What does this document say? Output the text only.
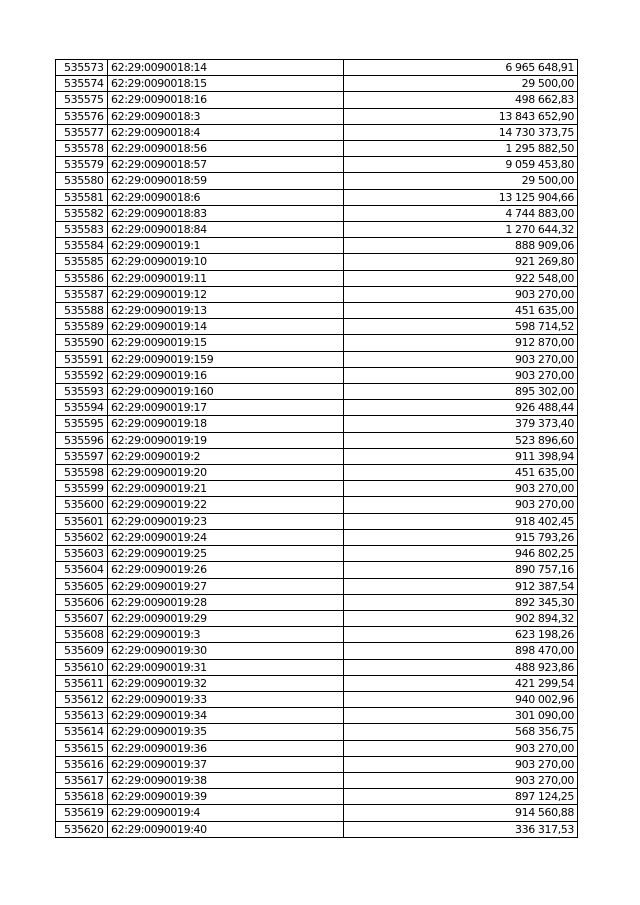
535573	62:29:0090018:14	6 965 648,91
535574	62:29:0090018:15	29 500,00
535575	62:29:0090018:16	498 662,83
535576	62:29:0090018:3	13 843 652,90
535577	62:29:0090018:4	14 730 373,75
535578	62:29:0090018:56	1 295 882,50
535579	62:29:0090018:57	9 059 453,80
535580	62:29:0090018:59	29 500,00
535581	62:29:0090018:6	13 125 904,66
535582	62:29:0090018:83	4 744 883,00
535583	62:29:0090018:84	1 270 644,32
535584	62:29:0090019:1	888 909,06
535585	62:29:0090019:10	921 269,80
535586	62:29:0090019:11	922 548,00
535587	62:29:0090019:12	903 270,00
535588	62:29:0090019:13	451 635,00
535589	62:29:0090019:14	598 714,52
535590	62:29:0090019:15	912 870,00
535591	62:29:0090019:159	903 270,00
535592	62:29:0090019:16	903 270,00
535593	62:29:0090019:160	895 302,00
535594	62:29:0090019:17	926 488,44
535595	62:29:0090019:18	379 373,40
535596	62:29:0090019:19	523 896,60
535597	62:29:0090019:2	911 398,94
535598	62:29:0090019:20	451 635,00
535599	62:29:0090019:21	903 270,00
535600	62:29:0090019:22	903 270,00
535601	62:29:0090019:23	918 402,45
535602	62:29:0090019:24	915 793,26
535603	62:29:0090019:25	946 802,25
535604	62:29:0090019:26	890 757,16
535605	62:29:0090019:27	912 387,54
535606	62:29:0090019:28	892 345,30
535607	62:29:0090019:29	902 894,32
535608	62:29:0090019:3	623 198,26
535609	62:29:0090019:30	898 470,00
535610	62:29:0090019:31	488 923,86
535611	62:29:0090019:32	421 299,54
535612	62:29:0090019:33	940 002,96
535613	62:29:0090019:34	301 090,00
535614	62:29:0090019:35	568 356,75
535615	62:29:0090019:36	903 270,00
535616	62:29:0090019:37	903 270,00
535617	62:29:0090019:38	903 270,00
535618	62:29:0090019:39	897 124,25
535619	62:29:0090019:4	914 560,88
535620	62:29:0090019:40	336 317,53
